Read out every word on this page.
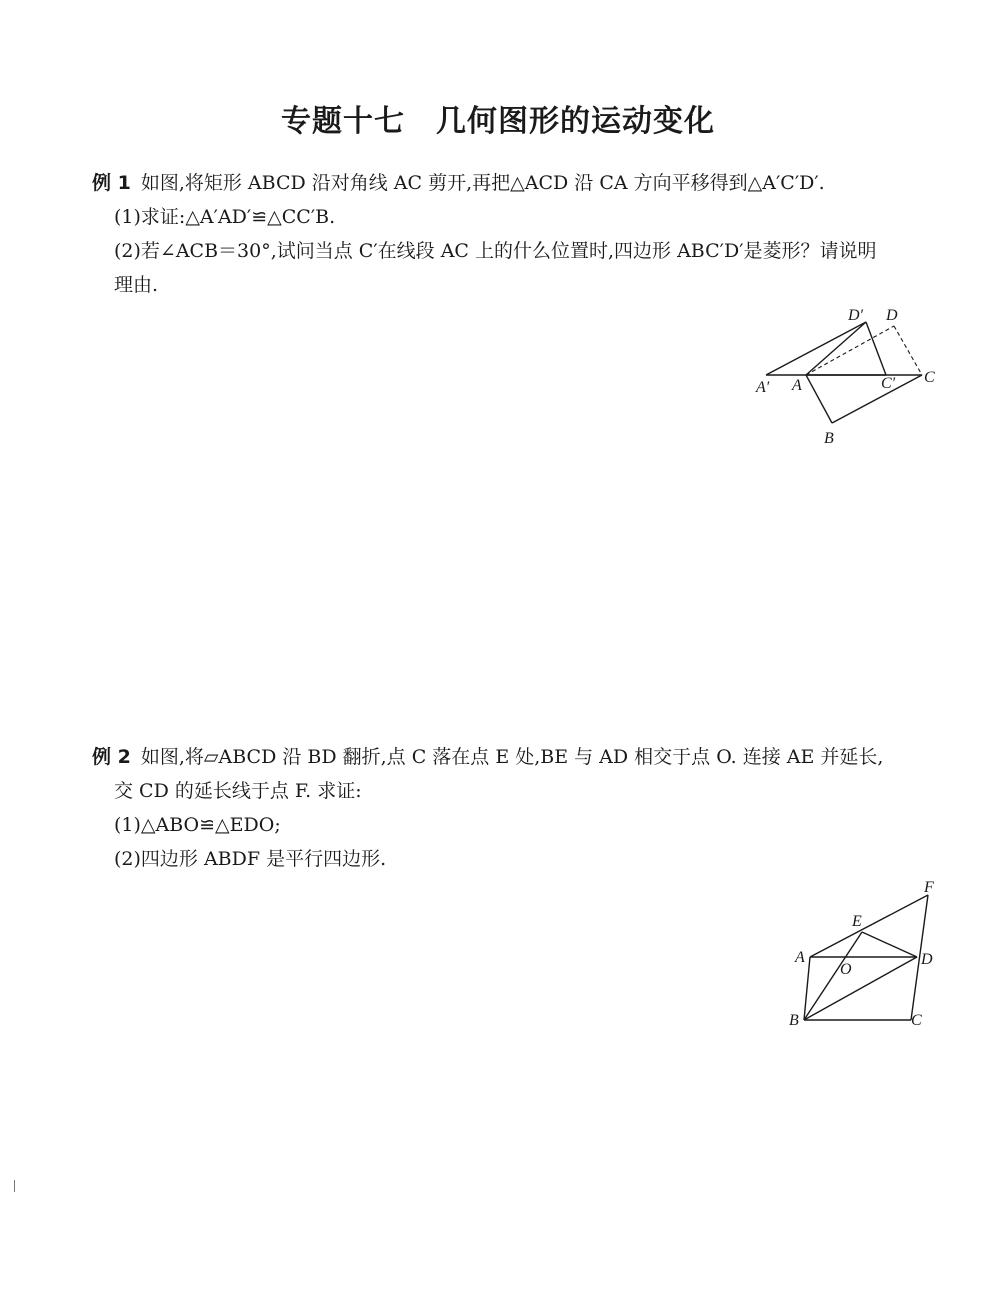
专题十七　几何图形的运动变化
例 1 如图,将矩形 ABCD 沿对角线 AC 剪开,再把△ACD 沿 CA 方向平移得到△A′C′D′.
(1)求证:△A′AD′≌△CC′B.
(2)若∠ACB＝30°,试问当点 C′在线段 AC 上的什么位置时,四边形 ABC′D′是菱形？请说明
理由.
D′ D
A′ A	C′ C
B
例 2 如图,将▱ABCD 沿 BD 翻折,点 C 落在点 E 处,BE 与 AD 相交于点 O. 连接 AE 并延长,
交 CD 的延长线于点 F. 求证:
(1)△ABO≌△EDO;
(2)四边形 ABDF 是平行四边形.
F
E
A
O
D
B	C
